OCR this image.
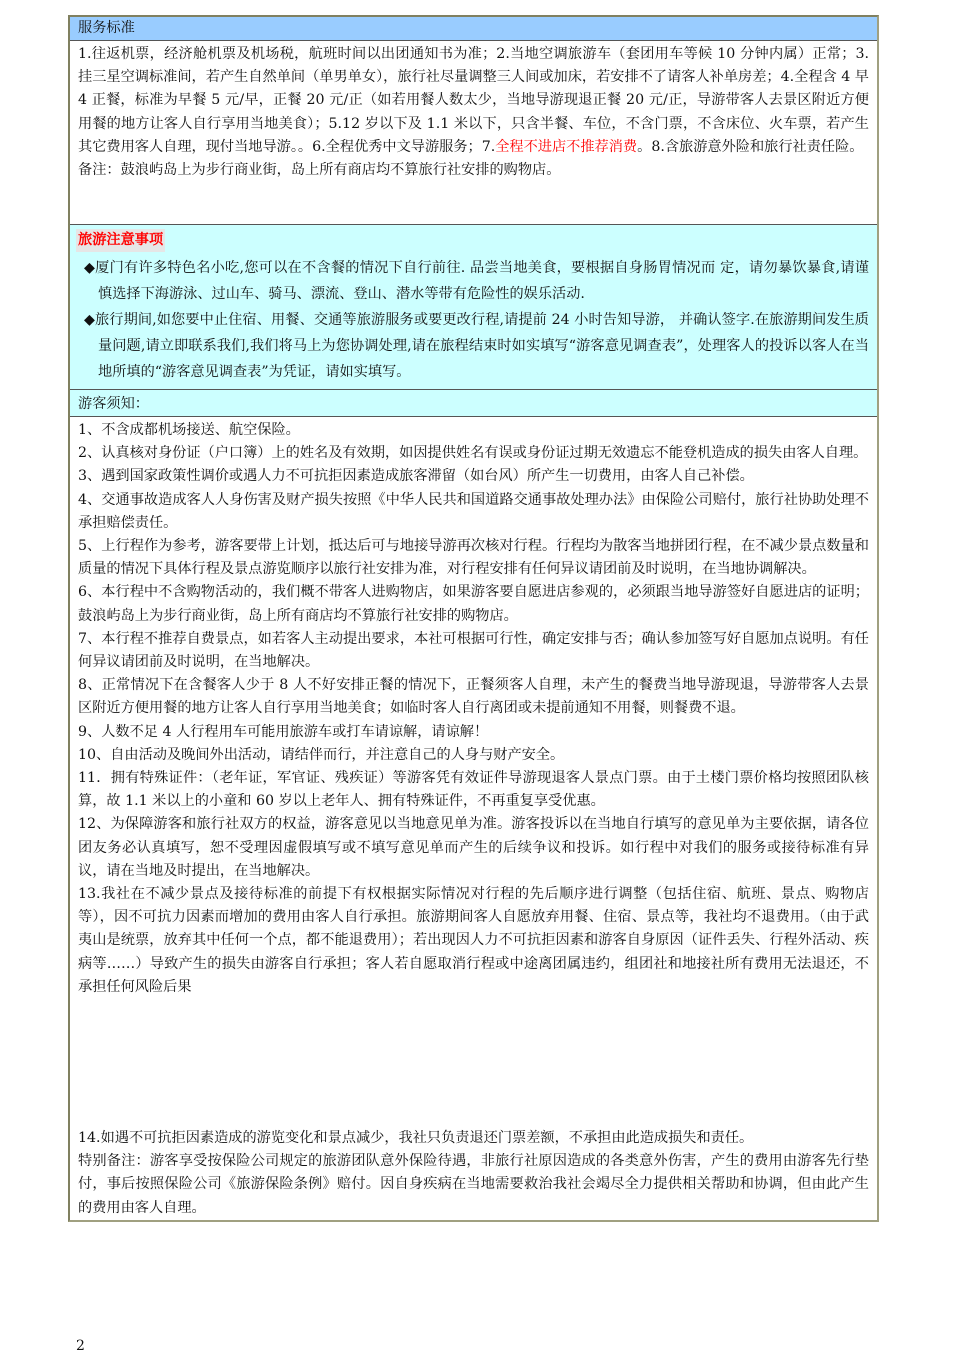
服务标准

1.往返机票，经济舱机票及机场税，航班时间以出团通知书为准；2.当地空调旅游车（套团用车等候 10 分钟内属）正常；3.挂三星空调标准间，若产生自然单间（单男单女），旅行社尽量调整三人间或加床，若安排不了请客人补单房差；4.全程含 4 早 4 正餐，标准为早餐 5 元/早，正餐 20 元/正（如若用餐人数太少，当地导游现退正餐 20 元/正，导游带客人去景区附近方便用餐的地方让客人自行享用当地美食）；5.12 岁以下及 1.1 米以下，只含半餐、车位，不含门票，不含床位、火车票，若产生其它费用客人自理，现付当地导游。。6.全程优秀中文导游服务；7.全程不进店不推荐消费。8.含旅游意外险和旅行社责任险。

备注：鼓浪屿岛上为步行商业街，岛上所有商店均不算旅行社安排的购物店。

旅游注意事项

◆厦门有许多特色名小吃,您可以在不含餐的情况下自行前往. 品尝当地美食，要根据自身肠胃情况而 定，请勿暴饮暴食,请谨慎选择下海游泳、过山车、骑马、漂流、登山、潜水等带有危险性的娱乐活动.

◆旅行期间,如您要中止住宿、用餐、交通等旅游服务或要更改行程,请提前 24 小时告知导游， 并确认签字.在旅游期间发生质量问题,请立即联系我们,我们将马上为您协调处理,请在旅程结束时如实填写“游客意见调查表”，处理客人的投诉以客人在当地所填的“游客意见调查表”为凭证，请如实填写。

游客须知：

1、不含成都机场接送、航空保险。

2、认真核对身份证（户口簿）上的姓名及有效期，如因提供姓名有误或身份证过期无效遗忘不能登机造成的损失由客人自理。

3、遇到国家政策性调价或遇人力不可抗拒因素造成旅客滞留（如台风）所产生一切费用，由客人自己补偿。

4、交通事故造成客人人身伤害及财产损失按照《中华人民共和国道路交通事故处理办法》由保险公司赔付，旅行社协助处理不承担赔偿责任。

5、上行程作为参考，游客要带上计划，抵达后可与地接导游再次核对行程。行程均为散客当地拼团行程，在不减少景点数量和质量的情况下具体行程及景点游览顺序以旅行社安排为准，对行程安排有任何异议请团前及时说明，在当地协调解决。

6、本行程中不含购物活动的，我们概不带客人进购物店，如果游客要自愿进店参观的，必须跟当地导游签好自愿进店的证明；鼓浪屿岛上为步行商业街，岛上所有商店均不算旅行社安排的购物店。

7、本行程不推荐自费景点，如若客人主动提出要求，本社可根据可行性，确定安排与否；确认参加签写好自愿加点说明。有任何异议请团前及时说明，在当地解决。

8、正常情况下在含餐客人少于 8 人不好安排正餐的情况下，正餐须客人自理，未产生的餐费当地导游现退，导游带客人去景区附近方便用餐的地方让客人自行享用当地美食；如临时客人自行离团或未提前通知不用餐，则餐费不退。

9、人数不足 4 人行程用车可能用旅游车或打车请谅解，请谅解！

10、自由活动及晚间外出活动，请结伴而行，并注意自己的人身与财产安全。

11．拥有特殊证件：（老年证，军官证、残疾证）等游客凭有效证件导游现退客人景点门票。由于土楼门票价格均按照团队核算，故 1.1 米以上的小童和 60 岁以上老年人、拥有特殊证件，不再重复享受优惠。

12、为保障游客和旅行社双方的权益，游客意见以当地意见单为准。游客投诉以在当地自行填写的意见单为主要依据，请各位团友务必认真填写，恕不受理因虚假填写或不填写意见单而产生的后续争议和投诉。如行程中对我们的服务或接待标准有异议，请在当地及时提出，在当地解决。

13.我社在不减少景点及接待标准的前提下有权根据实际情况对行程的先后顺序进行调整（包括住宿、航班、景点、购物店等），因不可抗力因素而增加的费用由客人自行承担。旅游期间客人自愿放弃用餐、住宿、景点等，我社均不退费用。（由于武夷山是统票，放弃其中任何一个点，都不能退费用）；若出现因人力不可抗拒因素和游客自身原因（证件丢失、行程外活动、疾病等……）导致产生的损失由游客自行承担；客人若自愿取消行程或中途离团属违约，组团社和地接社所有费用无法退还，不承担任何风险后果

14.如遇不可抗拒因素造成的游览变化和景点减少，我社只负责退还门票差额，不承担由此造成损失和责任。

特别备注：游客享受按保险公司规定的旅游团队意外保险待遇，非旅行社原因造成的各类意外伤害，产生的费用由游客先行垫付，事后按照保险公司《旅游保险条例》赔付。因自身疾病在当地需要救治我社会竭尽全力提供相关帮助和协调，但由此产生的费用由客人自理。

2
